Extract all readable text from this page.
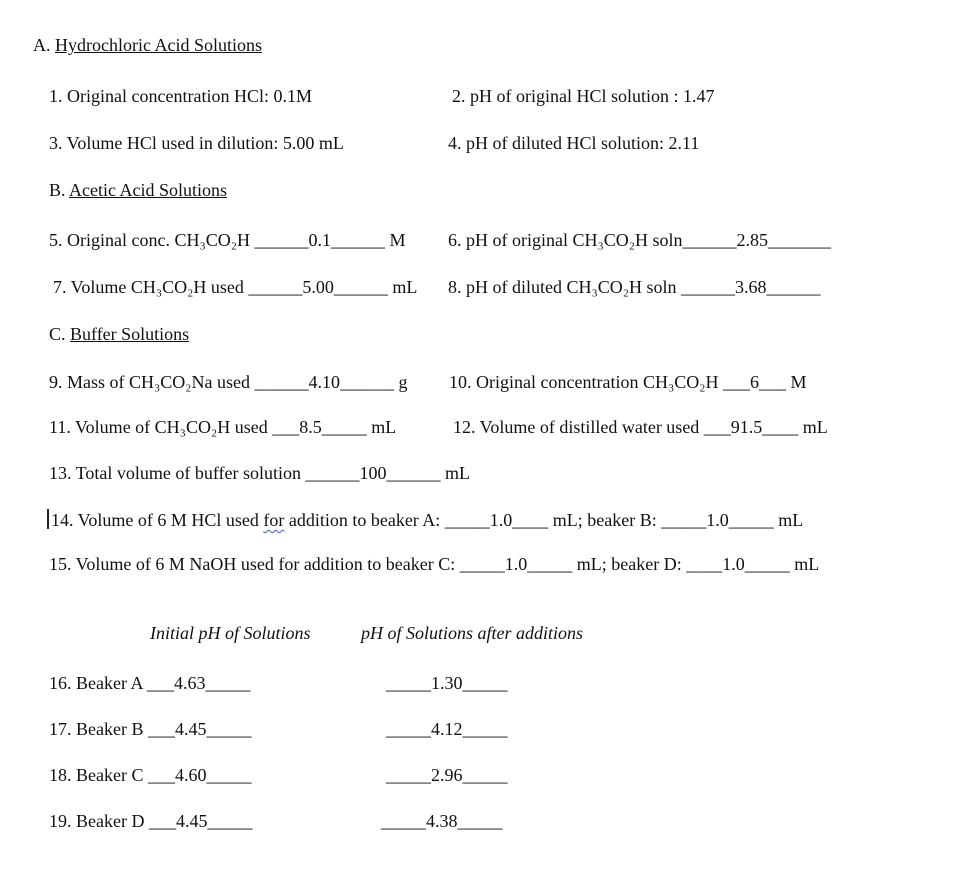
A. Hydrochloric Acid Solutions
1. Original concentration HCl: 0.1M	2. pH of original HCl solution : 1.47
3. Volume HCl used in dilution: 5.00 mL	4. pH of diluted HCl solution: 2.11
B. Acetic Acid Solutions
5. Original conc. CH₃CO₂H ______0.1______ M 6. pH of original CH₃CO₂H soln______2.85_______
7. Volume CH₃CO₂H used ______5.00______ mL 8. pH of diluted CH₃CO₂H soln ______3.68______
C. Buffer Solutions
9. Mass of CH₃CO₂Na used ______4.10______ g 10. Original concentration CH₃CO₂H ___6___ M
11. Volume of CH₃CO₂H used ___8.5_____ mL	12. Volume of distilled water used ___91.5____ mL
13. Total volume of buffer solution ______100______ mL
14. Volume of 6 M HCl used for addition to beaker A: _____1.0____ mL; beaker B: _____1.0_____ mL
15. Volume of 6 M NaOH used for addition to beaker C: _____1.0_____ mL; beaker D: ____1.0_____ mL
Initial pH of Solutions	pH of Solutions after additions
16. Beaker A ___4.63_____	_____1.30_____
17. Beaker B ___4.45_____	_____4.12_____
18. Beaker C ___4.60_____	_____2.96_____
19. Beaker D ___4.45_____	_____4.38_____
